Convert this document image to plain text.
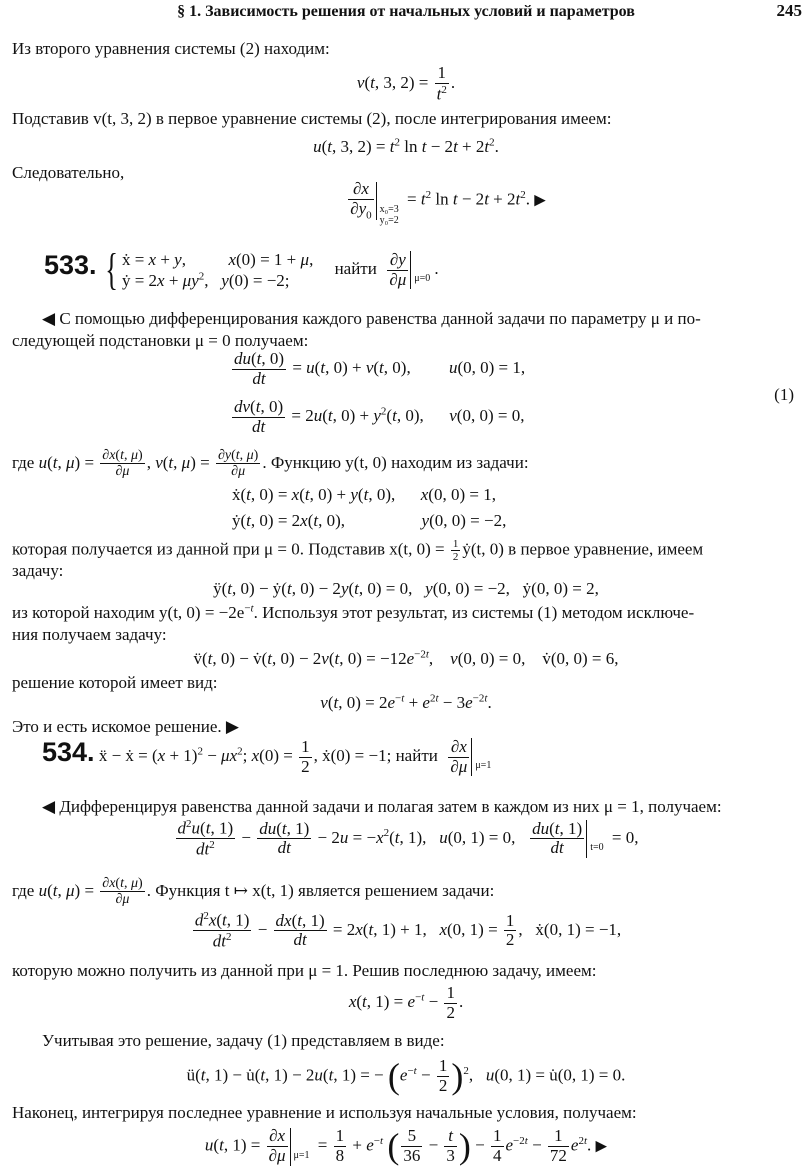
§ 1. Зависимость решения от начальных условий и параметров	245
Из второго уравнения системы (2) находим:
v(t, 3, $2) = \frac{1}{t^2}$ .
Подставив v(t, 3, 2) в первое уравнение системы (2), после интегрирования имеем:
u(t, 3, $2) = t^2$ $\ln t - 2t + 2t^2$.
Следовательно,
$\frac{\partial x}{\partial y_0} x_0=3$
$y_0=2 = t^2$ $\ln t - 2t + 2t^2$. ▶
533. { ẋ = x + y,          x(0) = 1 + μ,
ẏ = $2x + \mu y^2$,   y(0) = −2;
найти $\frac{\partial y}{\partial\mu} \mu=0$.
◀ С помощью дифференцирования каждого равенства данной задачи по параметру μ и по-
следующей подстановки μ = 0 получаем:
$\frac{du(t, 0)}{dt} = u(t$, 0) + v(t, 0),         u(0, 0) = 1,
(1)
$\frac{dv(t, 0)}{dt} = 2u(t$, $0) + y^2(t$, 0),      v(0, 0) = 0,
где u(t, $\mu) = \frac{\partial x(t, \mu)}{\partial\mu}$ , v(t, $\mu) = \frac{\partial y(t, \mu)}{\partial\mu}$ . Функцию y(t, 0) находим из задачи:
ẋ(t, 0) = x(t, 0) + y(t, 0),      x(0, 0) = 1,
ẏ(t, 0) = 2x(t, 0),                  y(0, 0) = −2,
которая получается из данной при μ = 0. Подставив x(t, $0) = \frac{1}{2}$ ẏ(t, 0) в первое уравнение, имеем
задачу:
ÿ(t, 0) − ẏ(t, 0) − 2y(t, 0) = 0,   y(0, 0) = −2,   ẏ(0, 0) = 2,
из которой находим y(t, $0) = -2e^{-t}$. Используя этот результат, из системы (1) методом исключе-
ния получаем задачу:
v̈(t, 0) − v̇(t, 0) − 2v(t, $0) = -12e^{-2t}$,    v(0, 0) = 0,    v̇(0, 0) = 6,
решение которой имеет вид:
v(t, $0) = 2e^{-t} + e^{2t} - 3e^{-2t}$.
Это и есть искомое решение. ▶
534. ẍ − ẋ = $(x + 1)^2 - \mu x^2$; $x(0) = \frac{1}{2}$ , ẋ(0) = −1; найти $\frac{\partial x}{\partial\mu} \mu=1$
◀ Дифференцируя равенства данной задачи и полагая затем в каждом из них μ = 1, получаем:
$\frac{d^2u(t, 1)}{dt^2} - \frac{du(t, 1)}{dt} - 2u = -x^2(t$, 1),   u(0, 1) = 0, $\frac{du(t, 1)}{dt} t=0 = 0$,
где u(t, $\mu) = \frac{\partial x(t, \mu)}{\partial\mu}$ . Функция t ↦ x(t, 1) является решением задачи:
$\frac{d^2x(t, 1)}{dt^2} - \frac{dx(t, 1)}{dt} = 2x(t$, 1) + 1,   x(0, $1) = \frac{1}{2}$ ,   ẋ(0, 1) = −1,
которую можно получить из данной при μ = 1. Решив последнюю задачу, имеем:
x(t, $1) = e^{-t} - \frac{1}{2}$ .
Учитывая это решение, задачу (1) представляем в виде:
ü(t, 1) − u̇(t, 1) − 2u(t, 1) = − $(e^{-t} - \frac{1}{2} )^2$,   u(0, 1) = u̇(0, 1) = 0.
Наконец, интегрируя последнее уравнение и используя начальные условия, получаем:
u(t, $1) = \frac{\partial x}{\partial\mu} \mu=1 = \frac{1}{8} + e^{-t}$ ( $\frac{5}{36} - \frac{t}{3}$ ) − $\frac{1}{4} e^{-2t} - \frac{1}{72} e^{2t}$. ▶
